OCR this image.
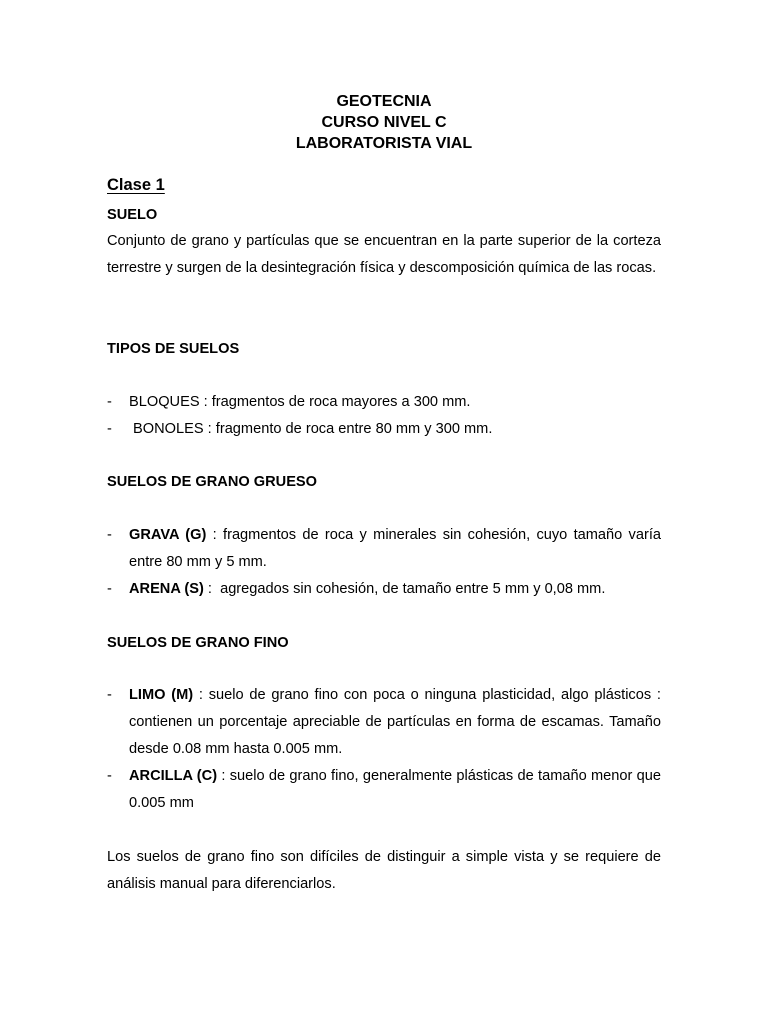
GEOTECNIA
CURSO NIVEL C
LABORATORISTA VIAL
Clase 1
SUELO
Conjunto de grano y partículas que se encuentran en la parte superior de la corteza terrestre y surgen de la desintegración física y descomposición química de las rocas.
TIPOS DE SUELOS
- BLOQUES : fragmentos de roca mayores a 300 mm.
- BONOLES : fragmento de roca entre 80 mm y 300 mm.
SUELOS DE GRANO GRUESO
- GRAVA (G) : fragmentos de roca y minerales sin cohesión, cuyo tamaño varía entre 80 mm y 5 mm.
- ARENA (S) :  agregados sin cohesión, de tamaño entre 5 mm y 0,08 mm.
SUELOS DE GRANO FINO
- LIMO (M) : suelo de grano fino con poca o ninguna plasticidad, algo plásticos : contienen un porcentaje apreciable de partículas en forma de escamas. Tamaño desde 0.08 mm hasta 0.005 mm.
- ARCILLA (C) : suelo de grano fino, generalmente plásticas de tamaño menor que 0.005 mm
Los suelos de grano fino son difíciles de distinguir a simple vista y se requiere de análisis manual para diferenciarlos.
